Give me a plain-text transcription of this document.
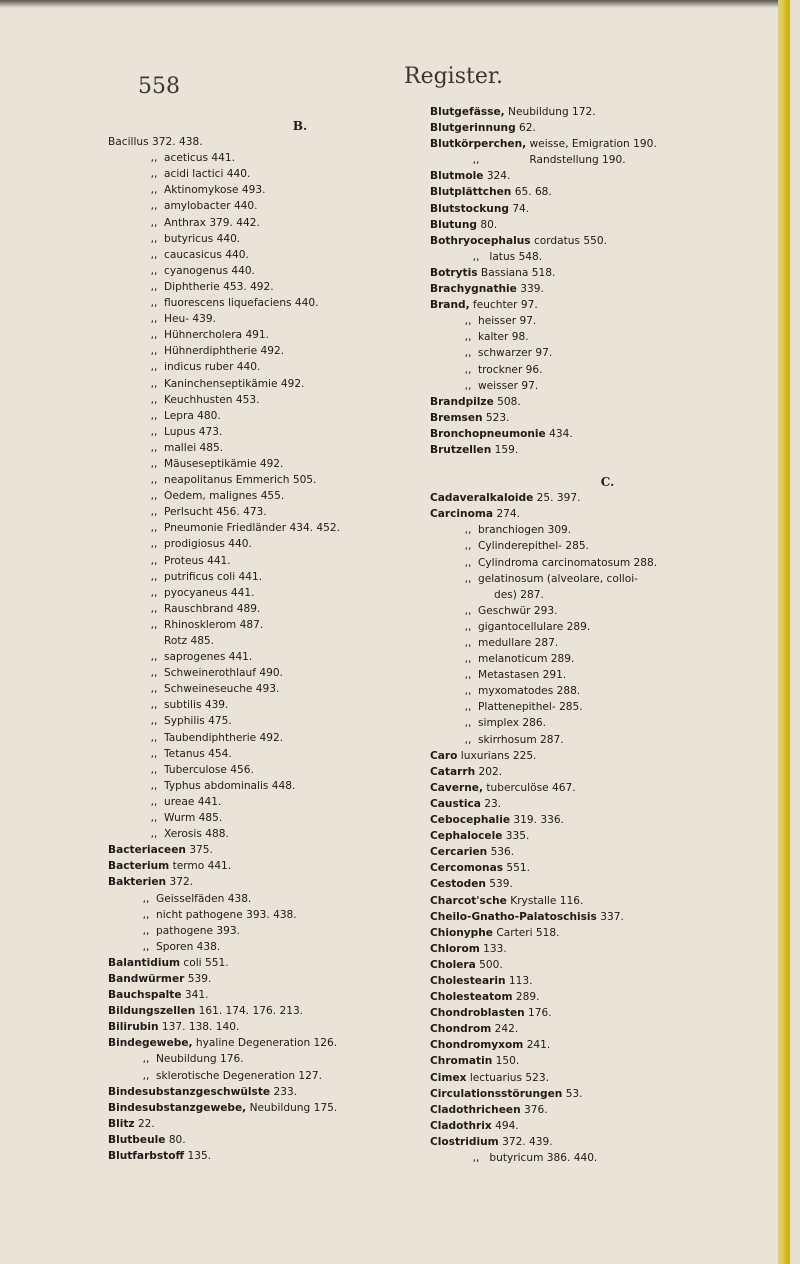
558	Register.
B.
Bacillus 372. 438.
,, aceticus 441.
,, acidi lactici 440.
,, Aktinomykose 493.
,, amylobacter 440.
,, Anthrax 379. 442.
,, butyricus 440.
,, caucasicus 440.
,, cyanogenus 440.
,, Diphtherie 453. 492.
,, fluorescens liquefaciens 440.
,, Heu- 439.
,, Hühnercholera 491.
,, Hühnerdiphtherie 492.
,, indicus ruber 440.
,, Kaninchenseptikämie 492.
,, Keuchhusten 453.
,, Lepra 480.
,, Lupus 473.
,, mallei 485.
,, Mäuseseptikämie 492.
,, neapolitanus Emmerich 505.
,, Oedem, malignes 455.
,, Perlsucht 456. 473.
,, Pneumonie Friedländer 434. 452.
,, prodigiosus 440.
,, Proteus 441.
,, putrificus coli 441.
,, pyocyaneus 441.
,, Rauschbrand 489.
,, Rhinosklerom 487.
Rotz 485.
,, saprogenes 441.
,, Schweinerothlauf 490.
,, Schweineseuche 493.
,, subtilis 439.
,, Syphilis 475.
,, Taubendiphtherie 492.
,, Tetanus 454.
,, Tuberculose 456.
,, Typhus abdominalis 448.
,, ureae 441.
,, Wurm 485.
,, Xerosis 488.
Bacteriaceen 375.
Bacterium termo 441.
Bakterien 372.
,, Geisselfäden 438.
,, nicht pathogene 393. 438.
,, pathogene 393.
,, Sporen 438.
Balantidium coli 551.
Bandwürmer 539.
Bauchspalte 341.
Bildungszellen 161. 174. 176. 213.
Bilirubin 137. 138. 140.
Bindegewebe, hyaline Degeneration 126.
,, Neubildung 176.
,, sklerotische Degeneration 127.
Bindesubstanzgeschwülste 233.
Bindesubstanzgewebe, Neubildung 175.
Blitz 22.
Blutbeule 80.
Blutfarbstoff 135.
Blutgefässe, Neubildung 172.
Blutgerinnung 62.
Blutkörperchen, weisse, Emigration 190.
,,	Randstellung 190.
Blutmole 324.
Blutplättchen 65. 68.
Blutstockung 74.
Blutung 80.
Bothryocephalus cordatus 550.
,, latus 548.
Botrytis Bassiana 518.
Brachygnathie 339.
Brand, feuchter 97.
,, heisser 97.
,, kalter 98.
,, schwarzer 97.
,, trockner 96.
,, weisser 97.
Brandpilze 508.
Bremsen 523.
Bronchopneumonie 434.
Brutzellen 159.
C.
Cadaveralkaloide 25. 397.
Carcinoma 274.
,, branchiogen 309.
,, Cylinderepithel- 285.
,, Cylindroma carcinomatosum 288.
,, gelatinosum (alveolare, colloi-
des) 287.
,, Geschwür 293.
,, gigantocellulare 289.
,, medullare 287.
,, melanoticum 289.
,, Metastasen 291.
,, myxomatodes 288.
,, Plattenepithel- 285.
,, simplex 286.
,, skirrhosum 287.
Caro luxurians 225.
Catarrh 202.
Caverne, tuberculöse 467.
Caustica 23.
Cebocephalie 319. 336.
Cephalocele 335.
Cercarien 536.
Cercomonas 551.
Cestoden 539.
Charcot'sche Krystalle 116.
Cheilo-Gnatho-Palatoschisis 337.
Chionyphe Carteri 518.
Chlorom 133.
Cholera 500.
Cholestearin 113.
Cholesteatom 289.
Chondroblasten 176.
Chondrom 242.
Chondromyxom 241.
Chromatin 150.
Cimex lectuarius 523.
Circulationsstörungen 53.
Cladothricheen 376.
Cladothrix 494.
Clostridium 372. 439.
,, butyricum 386. 440.
